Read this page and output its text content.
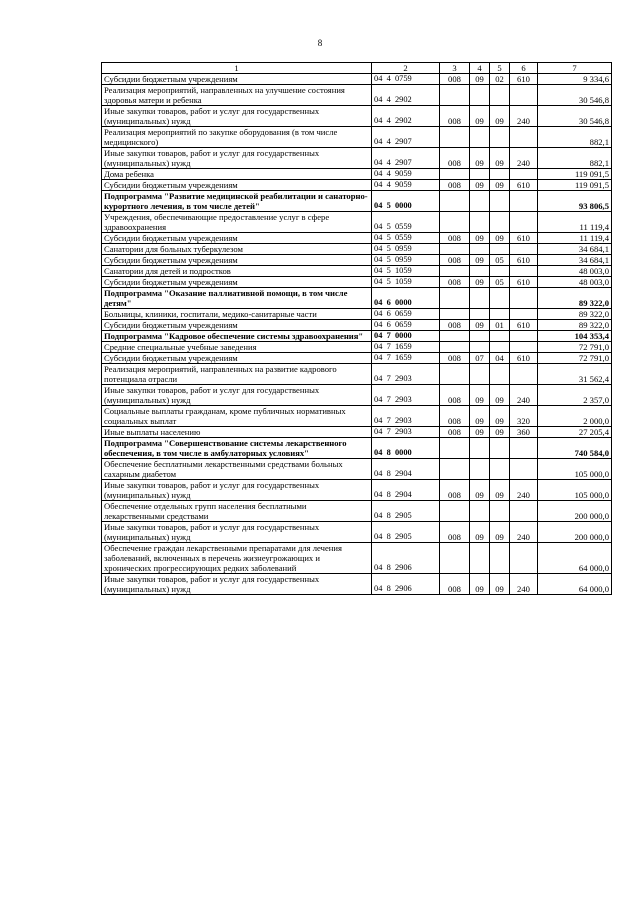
8
1	2	3	4	5	6	7
Субсидии бюджетным учреждениям	04  4  0759	008	09	02	610	9 334,6
Реализация мероприятий, направленных на улучшение состояния здоровья матери и ребенка	04  4  2902					30 546,8
Иные закупки товаров, работ и услуг для государственных (муниципальных) нужд	04  4  2902	008	09	09	240	30 546,8
Реализация мероприятий по закупке оборудования (в том числе медицинского)	04  4  2907					882,1
Иные закупки товаров, работ и услуг для государственных (муниципальных) нужд	04  4  2907	008	09	09	240	882,1
Дома ребенка	04  4  9059					119 091,5
Субсидии бюджетным учреждениям	04  4  9059	008	09	09	610	119 091,5
Подпрограмма "Развитие медицинской реабилитации и санаторно-курортного лечения, в том числе детей"	04  5  0000					93 806,5
Учреждения, обеспечивающие предоставление услуг в сфере здравоохранения	04  5  0559					11 119,4
Субсидии бюджетным учреждениям	04  5  0559	008	09	09	610	11 119,4
Санатории для больных туберкулезом	04  5  0959					34 684,1
Субсидии бюджетным учреждениям	04  5  0959	008	09	05	610	34 684,1
Санатории для детей и подростков	04  5  1059					48 003,0
Субсидии бюджетным учреждениям	04  5  1059	008	09	05	610	48 003,0
Подпрограмма "Оказание паллиативной помощи, в том числе детям"	04  6  0000					89 322,0
Больницы, клиники, госпитали, медико-санитарные части	04  6  0659					89 322,0
Субсидии бюджетным учреждениям	04  6  0659	008	09	01	610	89 322,0
Подпрограмма "Кадровое обеспечение системы здравоохранения"	04  7  0000					104 353,4
Средние специальные учебные заведения	04  7  1659					72 791,0
Субсидии бюджетным учреждениям	04  7  1659	008	07	04	610	72 791,0
Реализация мероприятий, направленных на развитие кадрового потенциала отрасли	04  7  2903					31 562,4
Иные закупки товаров, работ и услуг для государственных (муниципальных) нужд	04  7  2903	008	09	09	240	2 357,0
Социальные выплаты гражданам, кроме публичных нормативных социальных выплат	04  7  2903	008	09	09	320	2 000,0
Иные выплаты населению	04  7  2903	008	09	09	360	27 205,4
Подпрограмма "Совершенствование системы лекарственного обеспечения, в том числе в амбулаторных условиях"	04  8  0000					740 584,0
Обеспечение бесплатными лекарственными средствами больных сахарным диабетом	04  8  2904					105 000,0
Иные закупки товаров, работ и услуг для государственных (муниципальных) нужд	04  8  2904	008	09	09	240	105 000,0
Обеспечение отдельных групп населения бесплатными лекарственными средствами	04  8  2905					200 000,0
Иные закупки товаров, работ и услуг для государственных (муниципальных) нужд	04  8  2905	008	09	09	240	200 000,0
Обеспечение граждан лекарственными препаратами для лечения заболеваний, включенных в перечень жизнеугрожающих и хронических прогрессирующих редких заболеваний	04  8  2906					64 000,0
Иные закупки товаров, работ и услуг для государственных (муниципальных) нужд	04  8  2906	008	09	09	240	64 000,0
